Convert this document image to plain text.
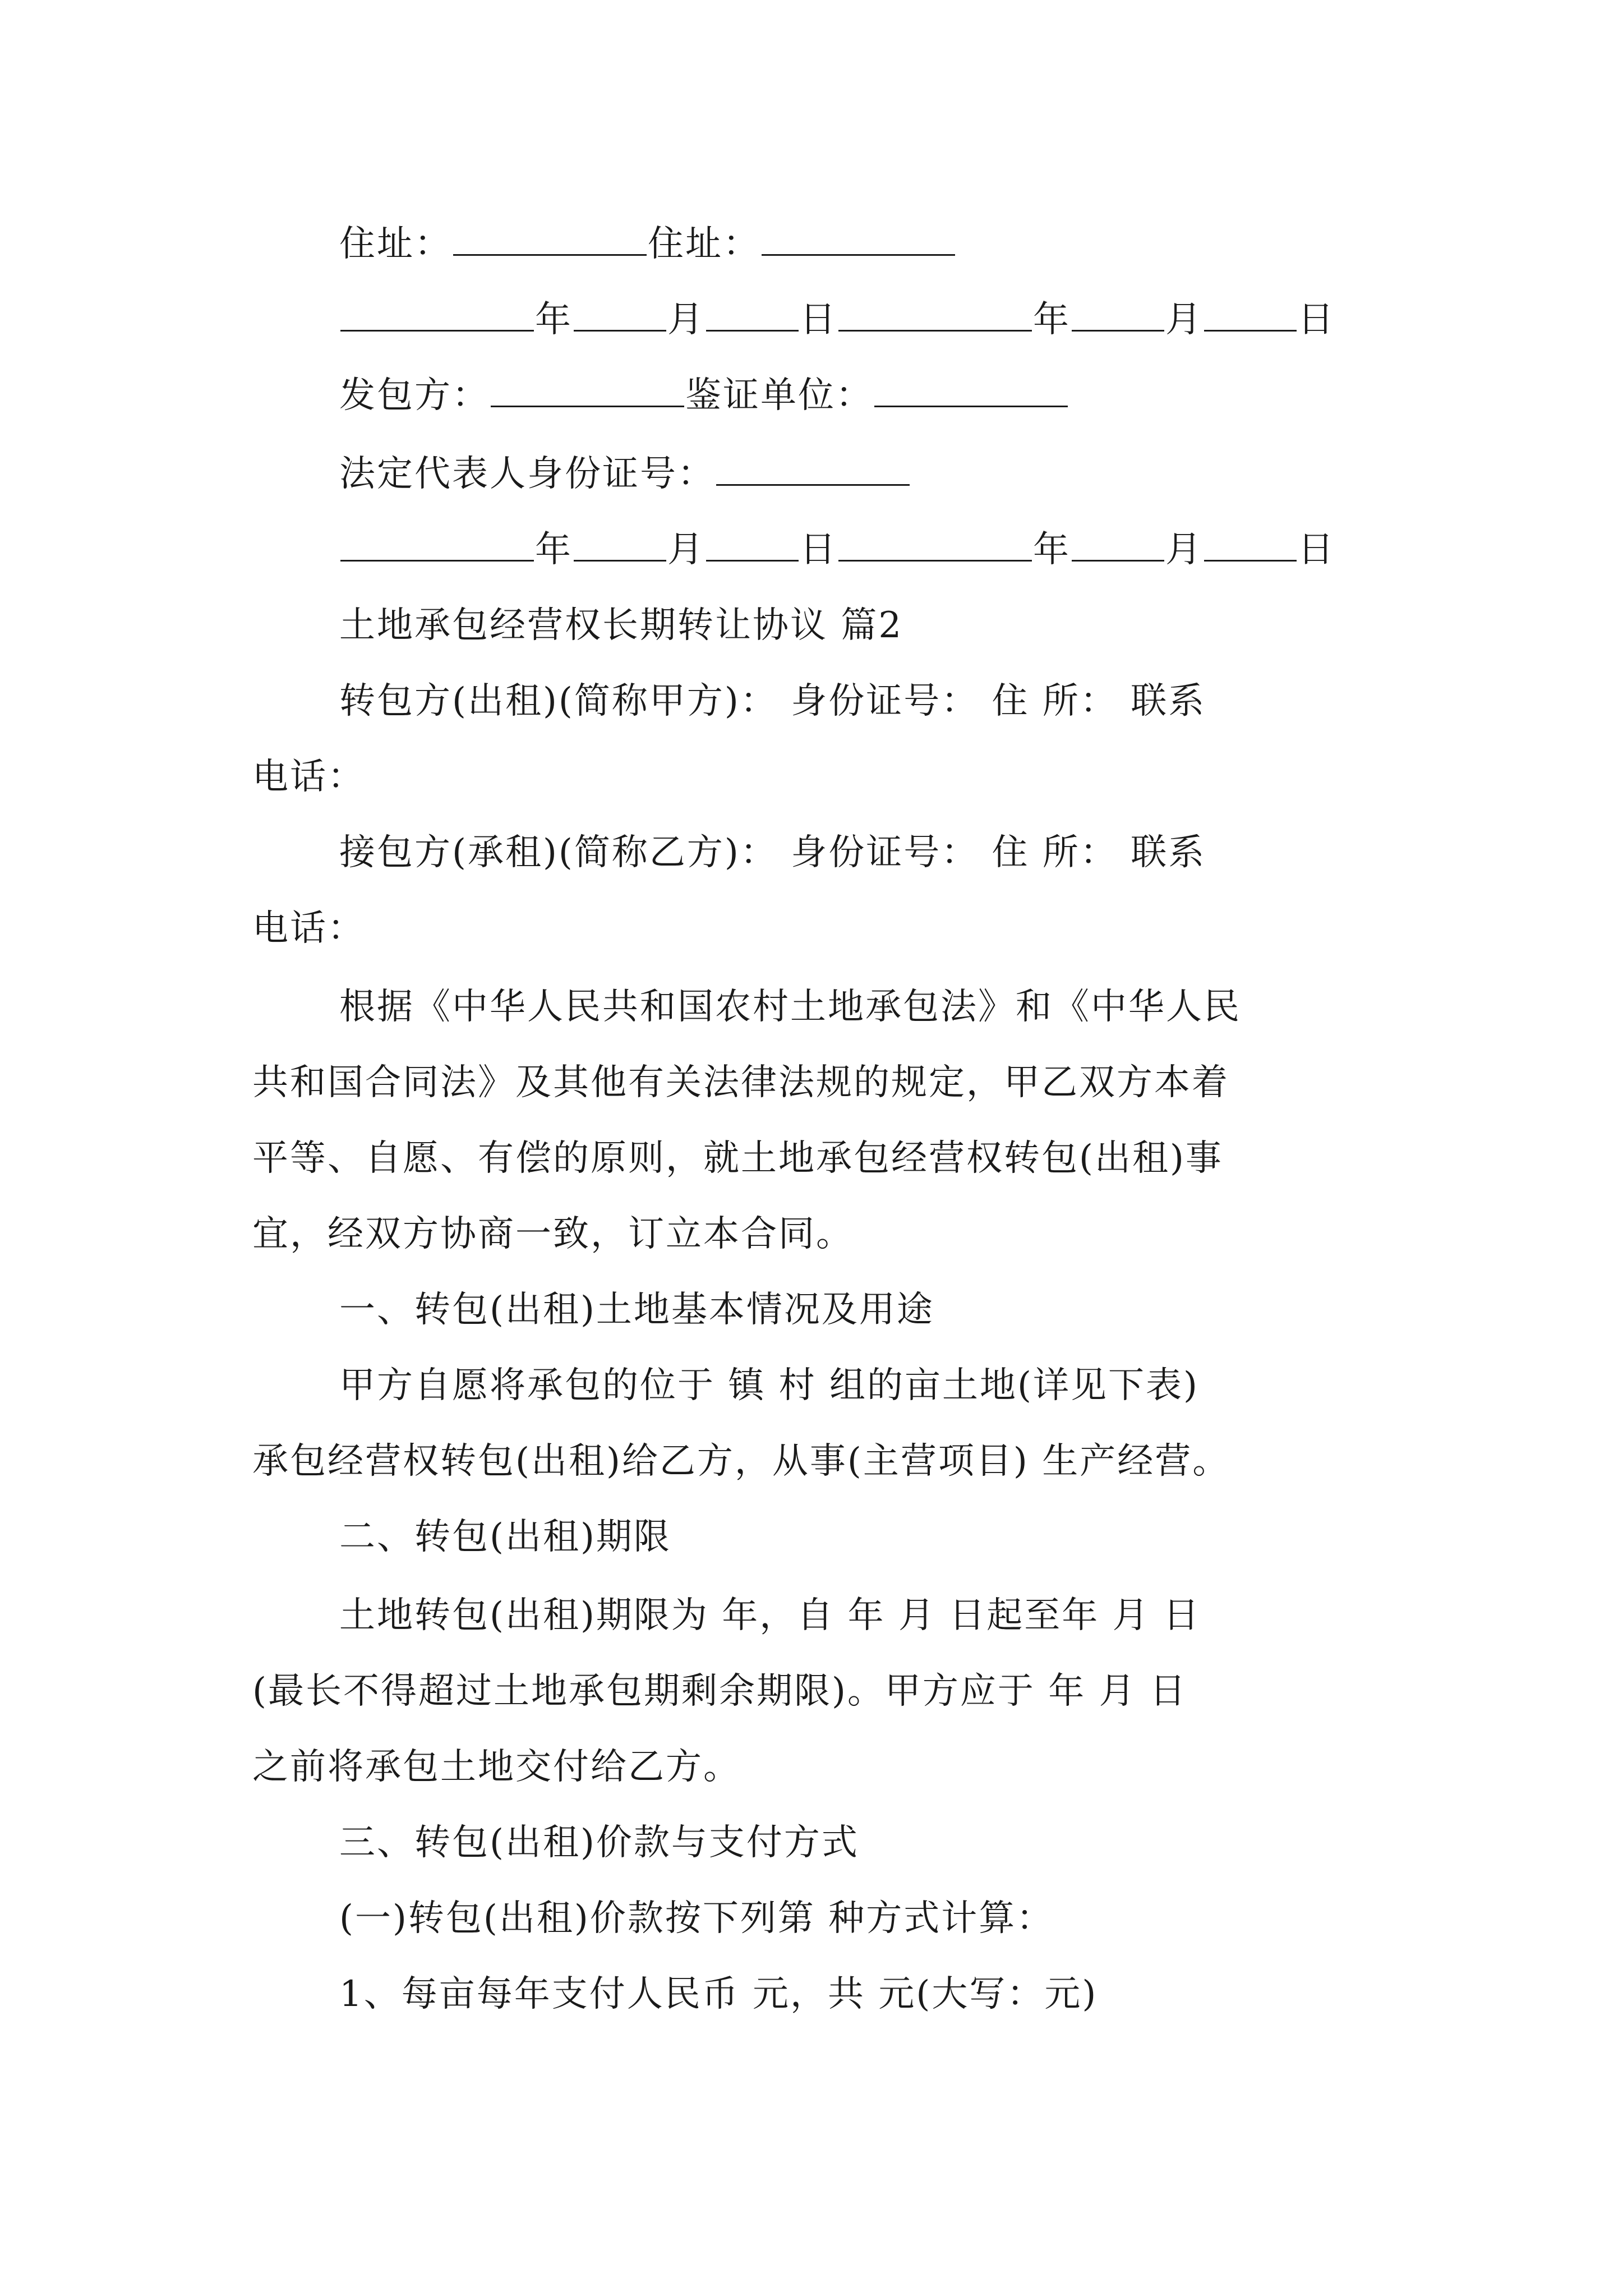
住址：	住址：
年	月	日	年	月	日
发包方：	鉴证单位：
法定代表人身份证号：
年	月	日	年	月	日
土地承包经营权长期转让协议 篇2
转包方(出租)(简称甲方)： 身份证号： 住 所： 联系
电话：
接包方(承租)(简称乙方)： 身份证号： 住 所： 联系
电话：
根据《中华人民共和国农村土地承包法》和《中华人民
共和国合同法》及其他有关法律法规的规定，甲乙双方本着
平等、自愿、有偿的原则，就土地承包经营权转包(出租)事
宜，经双方协商一致，订立本合同。
一、转包(出租)土地基本情况及用途
甲方自愿将承包的位于 镇 村 组的亩土地(详见下表)
承包经营权转包(出租)给乙方，从事(主营项目) 生产经营。
二、转包(出租)期限
土地转包(出租)期限为 年，自 年 月 日起至年 月 日
(最长不得超过土地承包期剩余期限)。甲方应于 年 月 日
之前将承包土地交付给乙方。
三、转包(出租)价款与支付方式
(一)转包(出租)价款按下列第 种方式计算：
1、每亩每年支付人民币 元，共 元(大写：元)
